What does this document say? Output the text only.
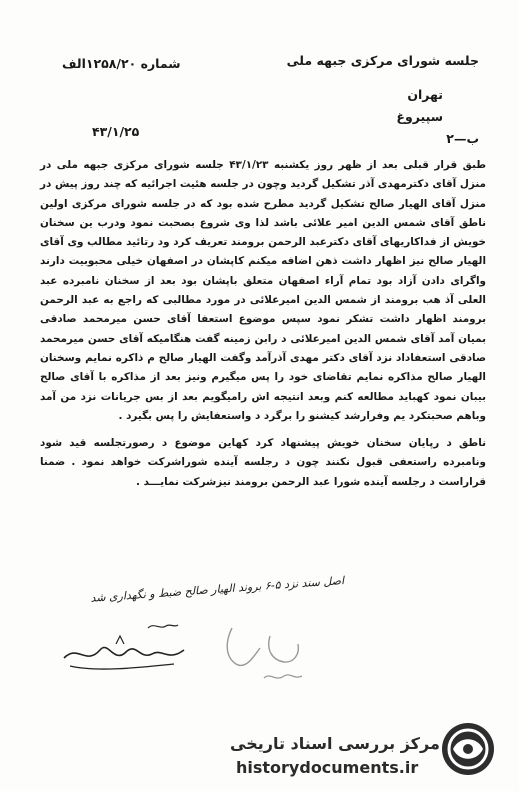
جلسه شورای مرکزی جبهه ملی
تهران
سپیروغ
ب—۲
شماره ۱۲۵۸/۲۰الف
۴۳/۱/۲۵

طبق قرار قبلی بعد از ظهر روز یکشنبه ۴۳/۱/۲۳ جلسه شورای مرکزی جبهه ملی در منزل آقای دکترمهدی آذر تشکیل گردید وچون در جلسه هئیت اجرائیه که چند روز پیش در منزل آقای الهیار صالح تشکیل گردید مطرح شده بود که در جلسه شورای مرکزی اولین ناطق آقای شمس الدین امیر علائی باشد لذا وی شروع بصحبت نمود ودرب ین سخنان خویش از فداکاریهای آقای دکترعبد الرحمن برومند تعریف کرد ود رتائید مطالب وی آقای الهیار صالح نیز اظهار داشت ذهن اضافه میکنم کاپشان در اصفهان خیلی محبوبیت دارند واگرای دادن آزاد بود تمام آراء اصفهان متعلق باپشان بود بعد از سخنان نامبرده عبد العلی آذ هب برومند از شمس الدین امیرعلائی در مورد مطالبی که راجع به عبد الرحمن برومند اظهار داشت تشکر نمود سپس موضوع استعفا آقای حسن میرمحمد صادقی بمیان آمد آقای شمس الدین امیرعلائی د رابن زمینه گفت هنگامیکه آقای حسن میرمحمد صادقی استعفاداد نزد آقای دکتر مهدی آذرآمد وگفت الهیار صالح م ذاکره نمایم وسخنان الهیار صالح مذاکره نمایم تقاضای خود را پس میگیرم ونیز بعد از مذاکره با آقای صالح بیبان نمود کهباید مطالعه کنم وبعد انتیجه اش رامیگویم بعد از بس جریانات نزد من آمد وباهم صحبتکرد یم وفرارشد کیشنو را برگرد د واستعفایش را پس بگیرد .

ناطق د رپایان سخنان خویش پیشنهاد کرد کهاین موضوع د رصورتجلسه قید شود ونامبرده راستعفی قبول نکنند چون د رجلسه آینده شوراشرکت خواهد نمود . ضمنا قراراست د رجلسه آینده شورا عبد الرحمن برومند نیزشرکت نمایـــد .

اصل سند نزد ۵-۶ بروند الهیار صالح ضبط و نگهداری شد
مرکز بررسی اسناد تاریخی
historydocuments.ir
